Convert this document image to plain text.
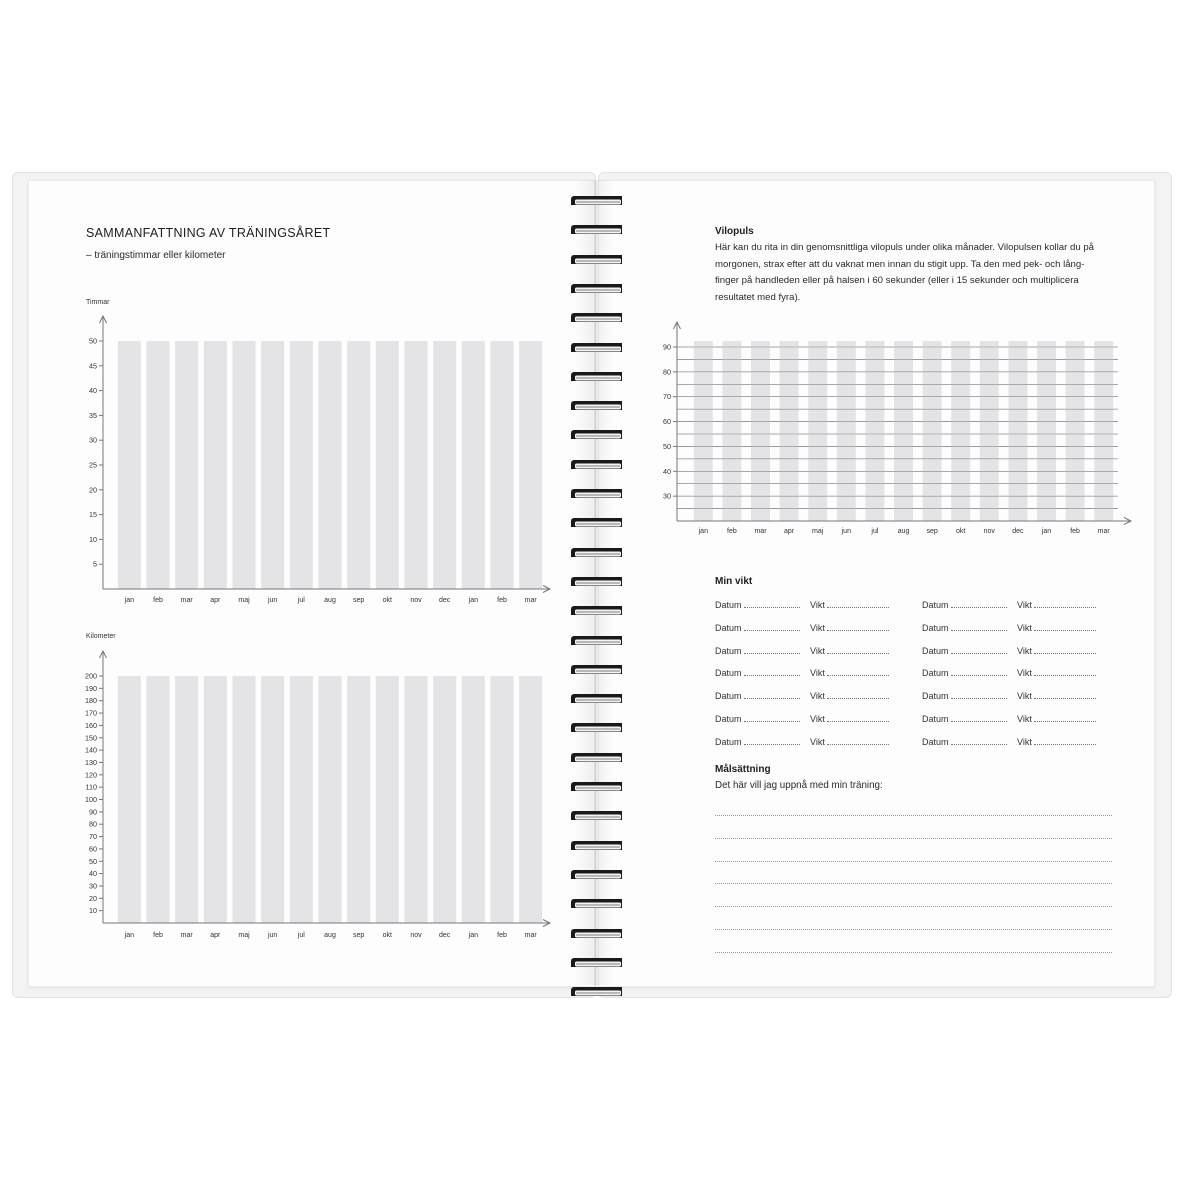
SAMMANFATTNING AV TRÄNINGSÅRET
– träningstimmar eller kilometer
Timmar
jan	feb	mar	apr	maj	jun	jul	aug sep	okt	nov dec	jan	feb	mar
5
10
15
20
25
30
35
40
45
50
Kilometer
jan	feb	mar	apr	maj	jun	jul	aug sep	okt	nov dec	jan	feb	mar
10
20
30
40
50
60
70
80
90
100
110
120
130
140
150
160
170
180
190
200
Vilopuls
Här kan du rita in din genomsnittliga vilopuls under olika månader. Vilopulsen kollar du på
morgonen, strax efter att du vaknat men innan du stigit upp. Ta den med pek- och lång-
finger på handleden eller på halsen i 60 sekunder (eller i 15 sekunder och multiplicera
resultatet med fyra).
jan	feb	mar	apr	maj	jun	jul	aug sep	okt	nov dec	jan	feb	mar
30
40
50
60
70
80
90
Min vikt
Datum	Vikt	Datum	Vikt
Datum	Vikt	Datum	Vikt
Datum	Vikt	Datum	Vikt
Datum	Vikt	Datum	Vikt
Datum	Vikt	Datum	Vikt
Datum	Vikt	Datum	Vikt
Datum	Vikt	Datum	Vikt
Målsättning
Det här vill jag uppnå med min träning:
